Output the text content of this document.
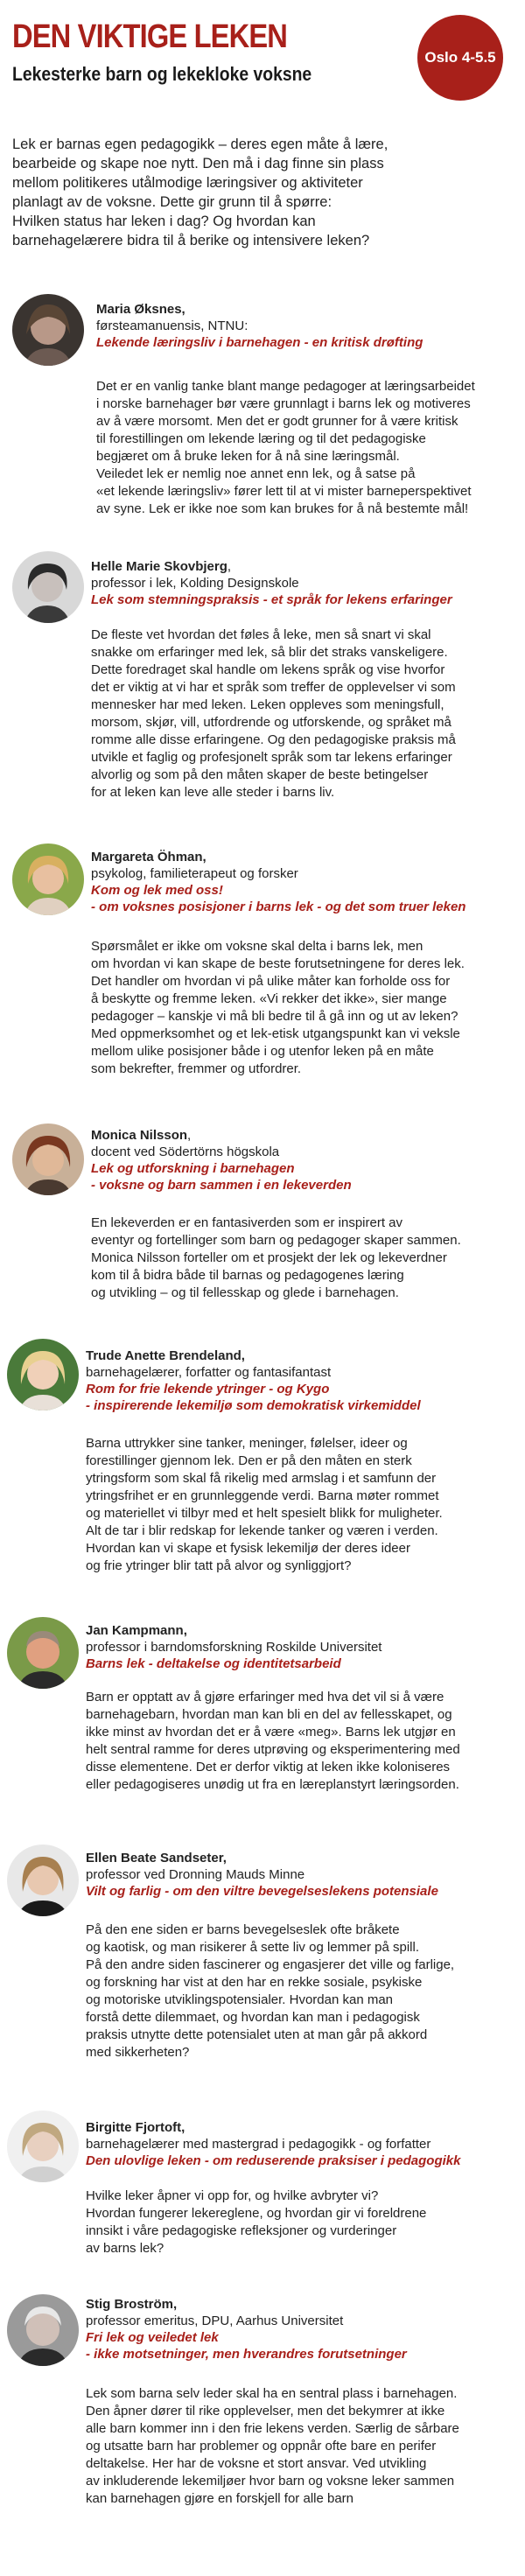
DEN VIKTIGE LEKEN
Lekesterke barn og lekekloke voksne
Oslo 4-5.5
Lek er barnas egen pedagogikk – deres egen måte å lære,
bearbeide og skape noe nytt. Den må i dag finne sin plass
mellom politikeres utålmodige læringsiver og aktiviteter
planlagt av de voksne. Dette gir grunn til å spørre:
Hvilken status har leken i dag? Og hvordan kan
barnehagelærere bidra til å berike og intensivere leken?
Maria Øksnes,
førsteamanuensis, NTNU:
Lekende læringsliv i barnehagen - en kritisk drøfting
Det er en vanlig tanke blant mange pedagoger at læringsarbeidet
i norske barnehager bør være grunnlagt i barns lek og motiveres
av å være morsomt. Men det er godt grunner for å være kritisk
til forestillingen om lekende læring og til det pedagogiske
begjæret om å bruke leken for å nå sine læringsmål.
Veiledet lek er nemlig noe annet enn lek, og å satse på
«et lekende læringsliv» fører lett til at vi mister barneperspektivet
av syne. Lek er ikke noe som kan brukes for å nå bestemte mål!
Helle Marie Skovbjerg,
professor i lek, Kolding Designskole
Lek som stemningspraksis - et språk for lekens erfaringer
De fleste vet hvordan det føles å leke, men så snart vi skal
snakke om erfaringer med lek, så blir det straks vanskeligere.
Dette foredraget skal handle om lekens språk og vise hvorfor
det er viktig at vi har et språk som treffer de opplevelser vi som
mennesker har med leken. Leken oppleves som meningsfull,
morsom, skjør, vill, utfordrende og utforskende, og språket må
romme alle disse erfaringene. Og den pedagogiske praksis må
utvikle et faglig og profesjonelt språk som tar lekens erfaringer
alvorlig og som på den måten skaper de beste betingelser
for at leken kan leve alle steder i barns liv.
Margareta Öhman,
psykolog, familieterapeut og forsker
Kom og lek med oss!
- om voksnes posisjoner i barns lek - og det som truer leken
Spørsmålet er ikke om voksne skal delta i barns lek, men
om hvordan vi kan skape de beste forutsetningene for deres lek.
Det handler om hvordan vi på ulike måter kan forholde oss for
å beskytte og fremme leken. «Vi rekker det ikke», sier mange
pedagoger – kanskje vi må bli bedre til å gå inn og ut av leken?
Med oppmerksomhet og et lek-etisk utgangspunkt kan vi veksle
mellom ulike posisjoner både i og utenfor leken på en måte
som bekrefter, fremmer og utfordrer.
Monica Nilsson,
docent ved Södertörns högskola
Lek og utforskning i barnehagen
- voksne og barn sammen i en lekeverden
En lekeverden er en fantasiverden som er inspirert av
eventyr og fortellinger som barn og pedagoger skaper sammen.
Monica Nilsson forteller om et prosjekt der lek og lekeverdner
kom til å bidra både til barnas og pedagogenes læring
og utvikling – og til fellesskap og glede i barnehagen.
Trude Anette Brendeland,
barnehagelærer, forfatter og fantasifantast
Rom for frie lekende ytringer - og Kygo
- inspirerende lekemiljø som demokratisk virkemiddel
Barna uttrykker sine tanker, meninger, følelser, ideer og
forestillinger gjennom lek. Den er på den måten en sterk
ytringsform som skal få rikelig med armslag i et samfunn der
ytringsfrihet er en grunnleggende verdi. Barna møter rommet
og materiellet vi tilbyr med et helt spesielt blikk for muligheter.
Alt de tar i blir redskap for lekende tanker og væren i verden.
Hvordan kan vi skape et fysisk lekemiljø der deres ideer
og frie ytringer blir tatt på alvor og synliggjort?
Jan Kampmann,
professor i barndomsforskning Roskilde Universitet
Barns lek - deltakelse og identitetsarbeid
Barn er opptatt av å gjøre erfaringer med hva det vil si å være
barnehagebarn, hvordan man kan bli en del av fellesskapet, og
ikke minst av hvordan det er å være «meg». Barns lek utgjør en
helt sentral ramme for deres utprøving og eksperimentering med
disse elementene. Det er derfor viktig at leken ikke koloniseres
eller pedagogiseres unødig ut fra en læreplanstyrt læringsorden.
Ellen Beate Sandseter,
professor ved Dronning Mauds Minne
Vilt og farlig - om den viltre bevegelseslekens potensiale
På den ene siden er barns bevegelseslek ofte bråkete
og kaotisk, og man risikerer å sette liv og lemmer på spill.
På den andre siden fascinerer og engasjerer det ville og farlige,
og forskning har vist at den har en rekke sosiale, psykiske
og motoriske utviklingspotensialer. Hvordan kan man
forstå dette dilemmaet, og hvordan kan man i pedagogisk
praksis utnytte dette potensialet uten at man går på akkord
med sikkerheten?
Birgitte Fjortoft,
barnehagelærer med mastergrad i pedagogikk - og forfatter
Den ulovlige leken - om reduserende praksiser i pedagogikk
Hvilke leker åpner vi opp for, og hvilke avbryter vi?
Hvordan fungerer lekereglene, og hvordan gir vi foreldrene
innsikt i våre pedagogiske refleksjoner og vurderinger
av barns lek?
Stig Broström,
professor emeritus, DPU, Aarhus Universitet
Fri lek og veiledet lek
- ikke motsetninger, men hverandres forutsetninger
Lek som barna selv leder skal ha en sentral plass i barnehagen.
Den åpner dører til rike opplevelser, men det bekymrer at ikke
alle barn kommer inn i den frie lekens verden. Særlig de sårbare
og utsatte barn har problemer og oppnår ofte bare en perifer
deltakelse. Her har de voksne et stort ansvar. Ved utvikling
av inkluderende lekemiljøer hvor barn og voksne leker sammen
kan barnehagen gjøre en forskjell for alle barn
